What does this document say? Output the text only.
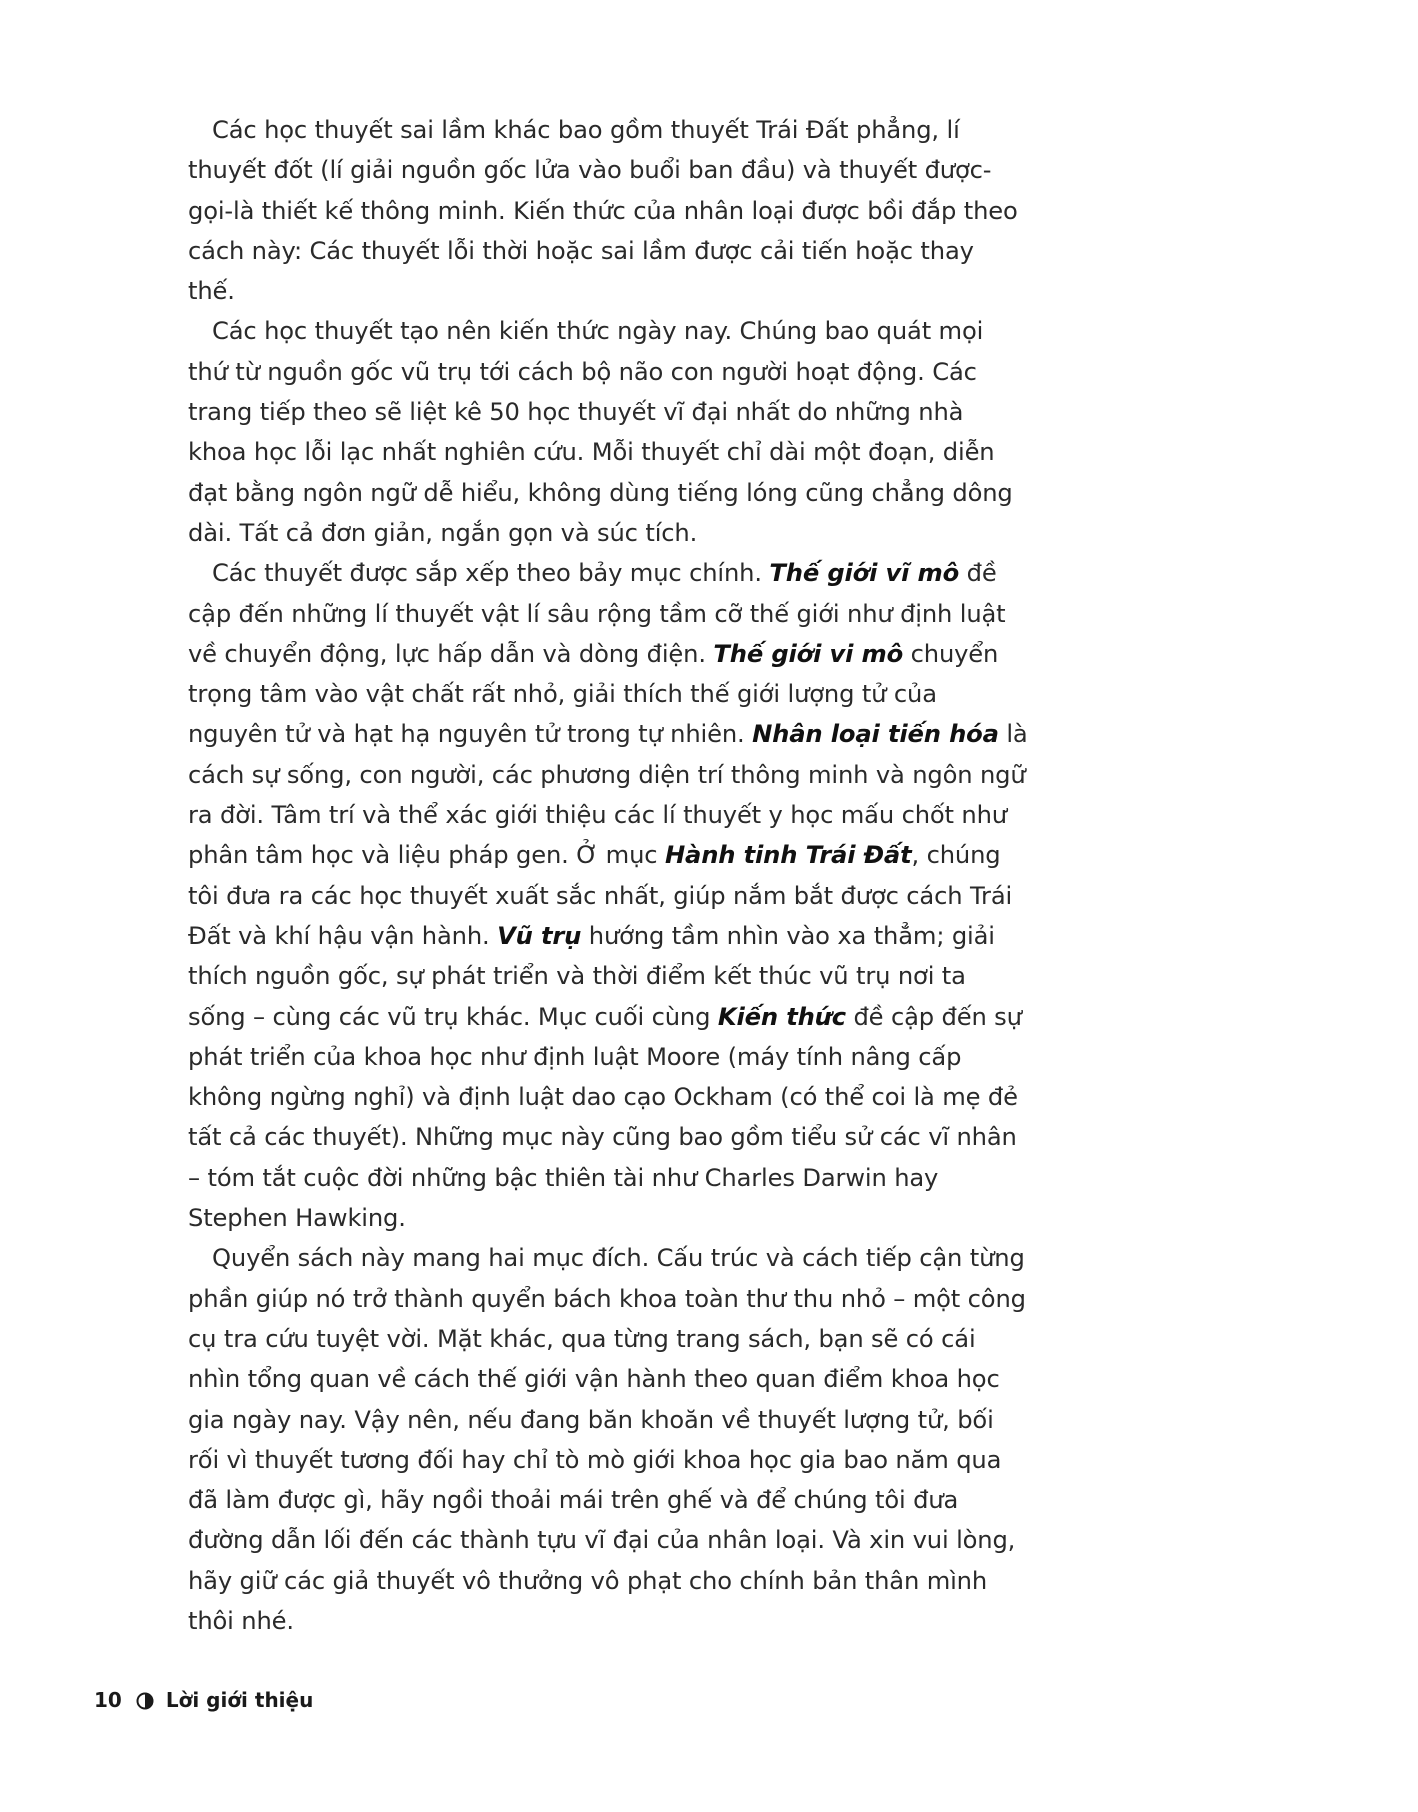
Các học thuyết sai lầm khác bao gồm thuyết Trái Đất phẳng, lí thuyết đốt (lí giải nguồn gốc lửa vào buổi ban đầu) và thuyết được-gọi-là thiết kế thông minh. Kiến thức của nhân loại được bồi đắp theo cách này: Các thuyết lỗi thời hoặc sai lầm được cải tiến hoặc thay thế.

Các học thuyết tạo nên kiến thức ngày nay. Chúng bao quát mọi thứ từ nguồn gốc vũ trụ tới cách bộ não con người hoạt động. Các trang tiếp theo sẽ liệt kê 50 học thuyết vĩ đại nhất do những nhà khoa học lỗi lạc nhất nghiên cứu. Mỗi thuyết chỉ dài một đoạn, diễn đạt bằng ngôn ngữ dễ hiểu, không dùng tiếng lóng cũng chẳng dông dài. Tất cả đơn giản, ngắn gọn và súc tích.

Các thuyết được sắp xếp theo bảy mục chính. Thế giới vĩ mô đề cập đến những lí thuyết vật lí sâu rộng tầm cỡ thế giới như định luật về chuyển động, lực hấp dẫn và dòng điện. Thế giới vi mô chuyển trọng tâm vào vật chất rất nhỏ, giải thích thế giới lượng tử của nguyên tử và hạt hạ nguyên tử trong tự nhiên. Nhân loại tiến hóa là cách sự sống, con người, các phương diện trí thông minh và ngôn ngữ ra đời. Tâm trí và thể xác giới thiệu các lí thuyết y học mấu chốt như phân tâm học và liệu pháp gen. Ở mục Hành tinh Trái Đất, chúng tôi đưa ra các học thuyết xuất sắc nhất, giúp nắm bắt được cách Trái Đất và khí hậu vận hành. Vũ trụ hướng tầm nhìn vào xa thẳm; giải thích nguồn gốc, sự phát triển và thời điểm kết thúc vũ trụ nơi ta sống – cùng các vũ trụ khác. Mục cuối cùng Kiến thức đề cập đến sự phát triển của khoa học như định luật Moore (máy tính nâng cấp không ngừng nghỉ) và định luật dao cạo Ockham (có thể coi là mẹ đẻ tất cả các thuyết). Những mục này cũng bao gồm tiểu sử các vĩ nhân – tóm tắt cuộc đời những bậc thiên tài như Charles Darwin hay Stephen Hawking.

Quyển sách này mang hai mục đích. Cấu trúc và cách tiếp cận từng phần giúp nó trở thành quyển bách khoa toàn thư thu nhỏ – một công cụ tra cứu tuyệt vời. Mặt khác, qua từng trang sách, bạn sẽ có cái nhìn tổng quan về cách thế giới vận hành theo quan điểm khoa học gia ngày nay. Vậy nên, nếu đang băn khoăn về thuyết lượng tử, bối rối vì thuyết tương đối hay chỉ tò mò giới khoa học gia bao năm qua đã làm được gì, hãy ngồi thoải mái trên ghế và để chúng tôi đưa đường dẫn lối đến các thành tựu vĩ đại của nhân loại. Và xin vui lòng, hãy giữ các giả thuyết vô thưởng vô phạt cho chính bản thân mình thôi nhé.

10 Lời giới thiệu
